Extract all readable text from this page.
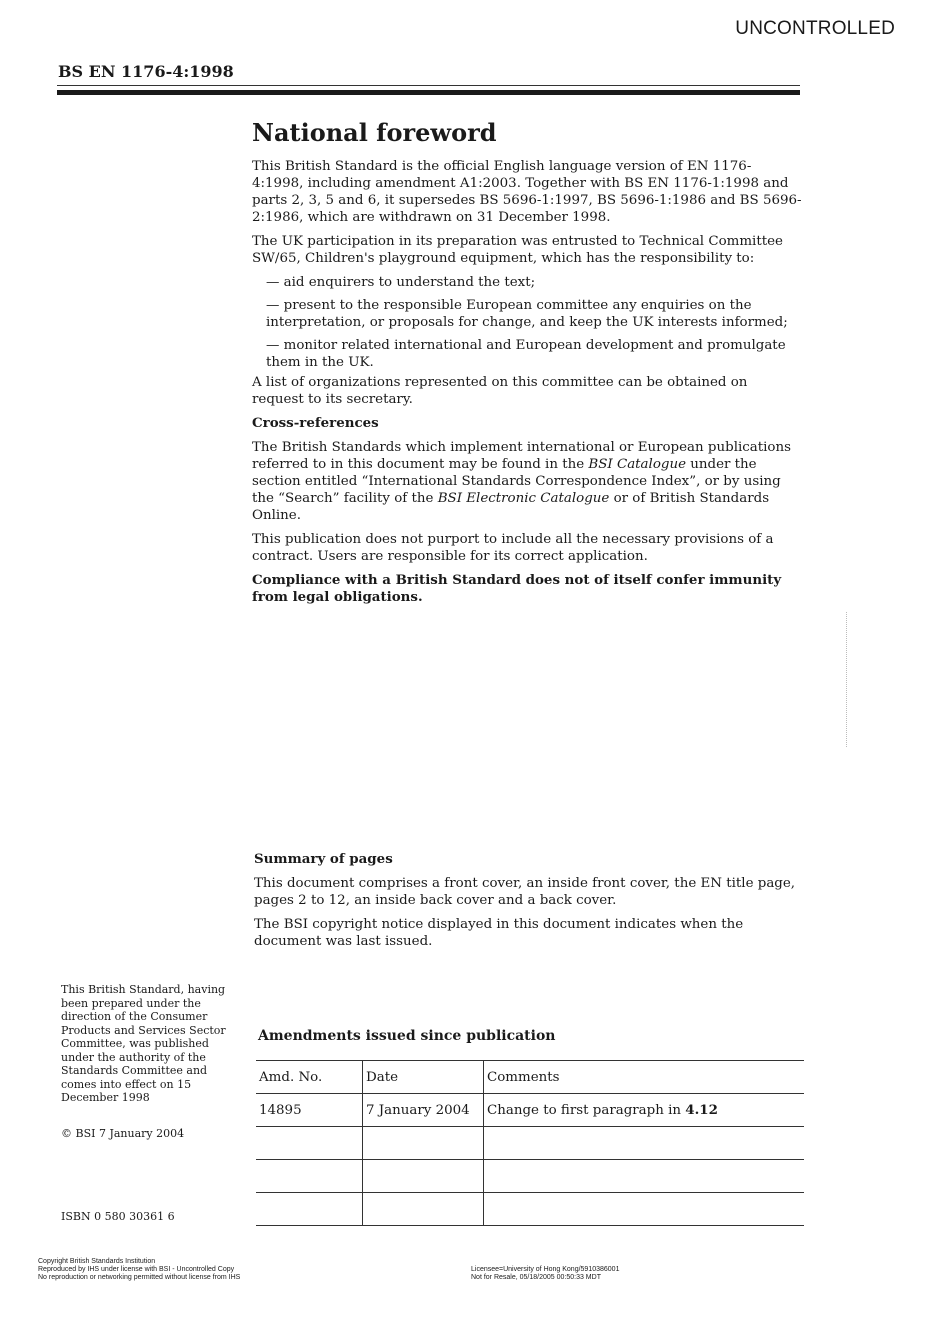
UNCONTROLLED
BS EN 1176-4:1998
National foreword

This British Standard is the official English language version of EN 1176-4:1998, including amendment A1:2003. Together with BS EN 1176-1:1998 and parts 2, 3, 5 and 6, it supersedes BS 5696-1:1997, BS 5696-1:1986 and BS 5696-2:1986, which are withdrawn on 31 December 1998.

The UK participation in its preparation was entrusted to Technical Committee SW/65, Children's playground equipment, which has the responsibility to:

— aid enquirers to understand the text;

— present to the responsible European committee any enquiries on the interpretation, or proposals for change, and keep the UK interests informed;

— monitor related international and European development and promulgate them in the UK.

A list of organizations represented on this committee can be obtained on request to its secretary.

Cross-references

The British Standards which implement international or European publications referred to in this document may be found in the BSI Catalogue under the section entitled “International Standards Correspondence Index”, or by using the “Search” facility of the BSI Electronic Catalogue or of British Standards Online.

This publication does not purport to include all the necessary provisions of a contract. Users are responsible for its correct application.

Compliance with a British Standard does not of itself confer immunity from legal obligations.

Summary of pages

This document comprises a front cover, an inside front cover, the EN title page, pages 2 to 12, an inside back cover and a back cover.

The BSI copyright notice displayed in this document indicates when the document was last issued.

This British Standard, having been prepared under the direction of the Consumer Products and Services Sector Committee, was published under the authority of the Standards Committee and comes into effect on 15 December 1998
© BSI 7 January 2004
ISBN 0 580 30361 6
Amendments issued since publication
Amd. No.	Date	Comments
14895	7 January 2004	Change to first paragraph in 4.12

Copyright British Standards Institution
Reproduced by IHS under license with BSI - Uncontrolled Copy
No reproduction or networking permitted without license from IHS
Licensee=University of Hong Kong/5910386001
Not for Resale, 05/18/2005 00:50:33 MDT
